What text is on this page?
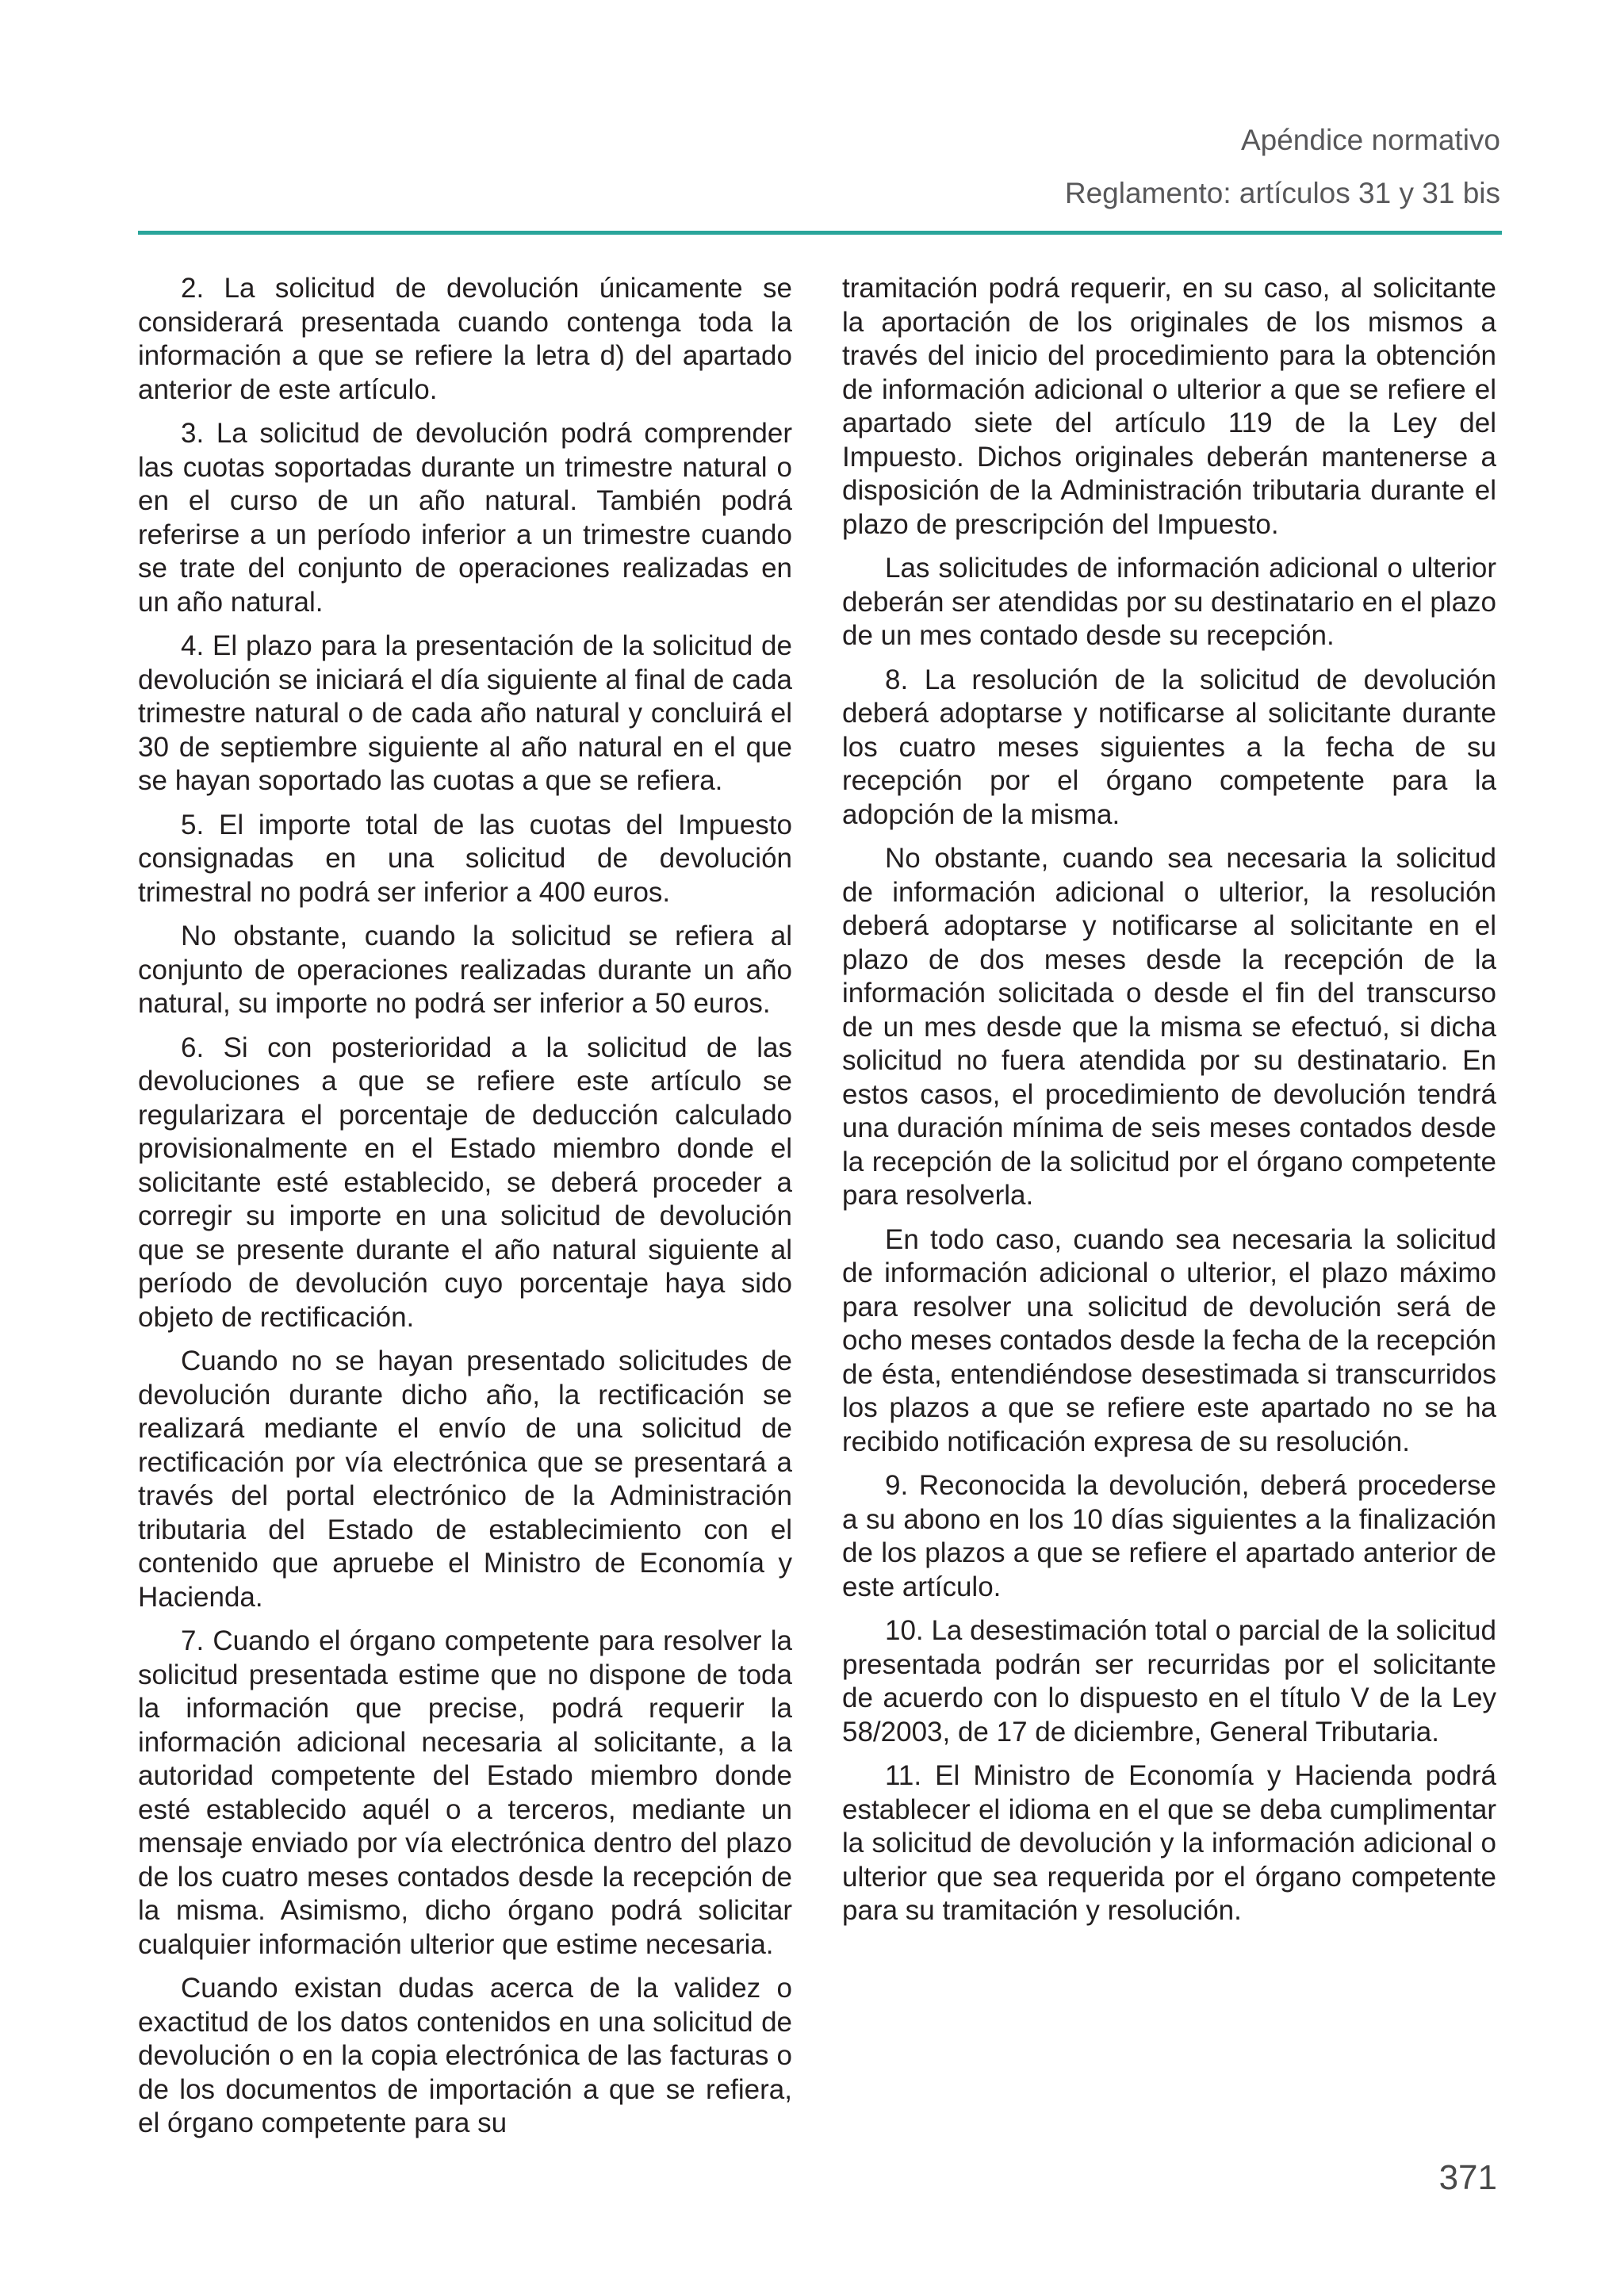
Apéndice normativo
Reglamento: artículos 31 y 31 bis

2. La solicitud de devolución únicamente se considerará presentada cuando contenga toda la información a que se refiere la letra d) del apartado anterior de este artículo.

3. La solicitud de devolución podrá comprender las cuotas soportadas durante un trimestre natural o en el curso de un año natural. También podrá referirse a un período inferior a un trimestre cuando se trate del conjunto de operaciones realizadas en un año natural.

4. El plazo para la presentación de la solicitud de devolución se iniciará el día siguiente al final de cada trimestre natural o de cada año natural y concluirá el 30 de septiembre siguiente al año natural en el que se hayan soportado las cuotas a que se refiera.

5. El importe total de las cuotas del Impuesto consignadas en una solicitud de devolución trimestral no podrá ser inferior a 400 euros.

No obstante, cuando la solicitud se refiera al conjunto de operaciones realizadas durante un año natural, su importe no podrá ser inferior a 50 euros.

6. Si con posterioridad a la solicitud de las devoluciones a que se refiere este artículo se regularizara el porcentaje de deducción calculado provisionalmente en el Estado miembro donde el solicitante esté establecido, se deberá proceder a corregir su importe en una solicitud de devolución que se presente durante el año natural siguiente al período de devolución cuyo porcentaje haya sido objeto de rectificación.

Cuando no se hayan presentado solicitudes de devolución durante dicho año, la rectificación se realizará mediante el envío de una solicitud de rectificación por vía electrónica que se presentará a través del portal electrónico de la Administración tributaria del Estado de establecimiento con el contenido que apruebe el Ministro de Economía y Hacienda.

7. Cuando el órgano competente para resolver la solicitud presentada estime que no dispone de toda la información que precise, podrá requerir la información adicional necesaria al solicitante, a la autoridad competente del Estado miembro donde esté establecido aquél o a terceros, mediante un mensaje enviado por vía electrónica dentro del plazo de los cuatro meses contados desde la recepción de la misma. Asimismo, dicho órgano podrá solicitar cualquier información ulterior que estime necesaria.

Cuando existan dudas acerca de la validez o exactitud de los datos contenidos en una solicitud de devolución o en la copia electrónica de las facturas o de los documentos de importación a que se refiera, el órgano competente para su

tramitación podrá requerir, en su caso, al solicitante la aportación de los originales de los mismos a través del inicio del procedimiento para la obtención de información adicional o ulterior a que se refiere el apartado siete del artículo 119 de la Ley del Impuesto. Dichos originales deberán mantenerse a disposición de la Administración tributaria durante el plazo de prescripción del Impuesto.

Las solicitudes de información adicional o ulterior deberán ser atendidas por su destinatario en el plazo de un mes contado desde su recepción.

8. La resolución de la solicitud de devolución deberá adoptarse y notificarse al solicitante durante los cuatro meses siguientes a la fecha de su recepción por el órgano competente para la adopción de la misma.

No obstante, cuando sea necesaria la solicitud de información adicional o ulterior, la resolución deberá adoptarse y notificarse al solicitante en el plazo de dos meses desde la recepción de la información solicitada o desde el fin del transcurso de un mes desde que la misma se efectuó, si dicha solicitud no fuera atendida por su destinatario. En estos casos, el procedimiento de devolución tendrá una duración mínima de seis meses contados desde la recepción de la solicitud por el órgano competente para resolverla.

En todo caso, cuando sea necesaria la solicitud de información adicional o ulterior, el plazo máximo para resolver una solicitud de devolución será de ocho meses contados desde la fecha de la recepción de ésta, entendiéndose desestimada si transcurridos los plazos a que se refiere este apartado no se ha recibido notificación expresa de su resolución.

9. Reconocida la devolución, deberá procederse a su abono en los 10 días siguientes a la finalización de los plazos a que se refiere el apartado anterior de este artículo.

10. La desestimación total o parcial de la solicitud presentada podrán ser recurridas por el solicitante de acuerdo con lo dispuesto en el título V de la Ley 58/2003, de 17 de diciembre, General Tributaria.

11. El Ministro de Economía y Hacienda podrá establecer el idioma en el que se deba cumplimentar la solicitud de devolución y la información adicional o ulterior que sea requerida por el órgano competente para su tramitación y resolución.

371
